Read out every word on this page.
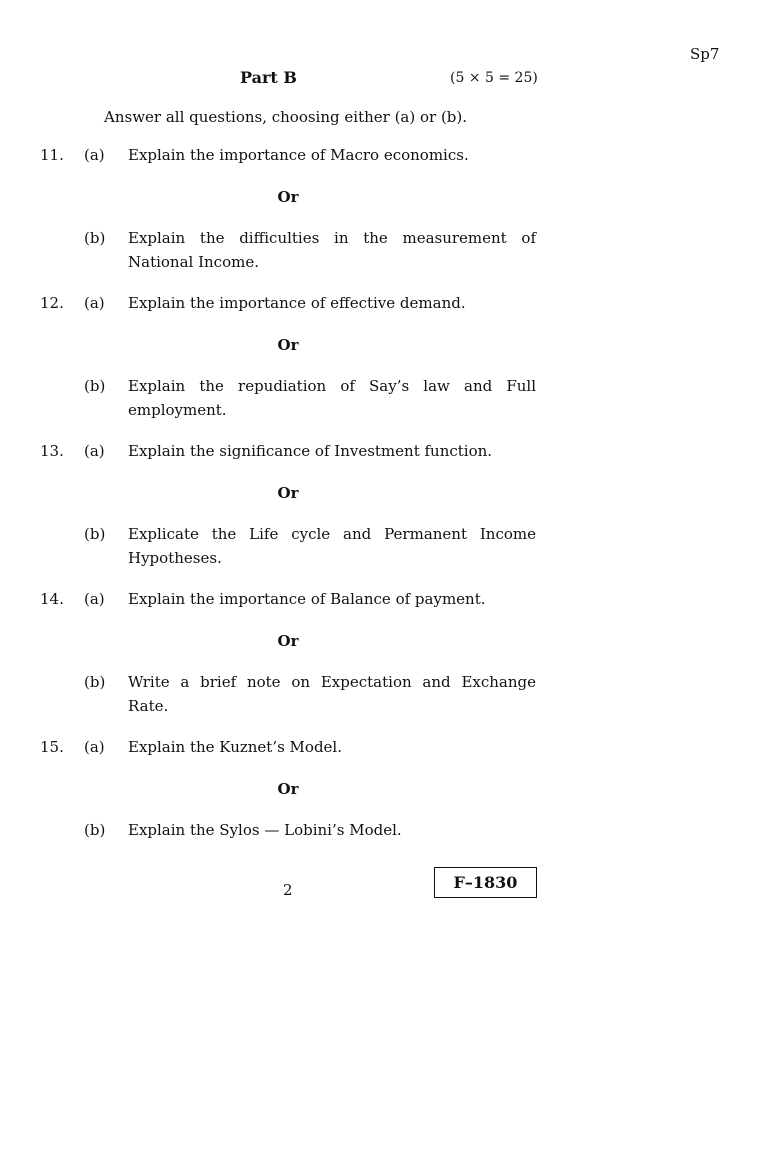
Sp7
Part B	(5 × 5 = 25)
Answer all questions, choosing either (a) or (b).
11. (a) Explain the importance of Macro economics.
Or
(b) Explain the difficulties in the measurement of National Income.
12. (a) Explain the importance of effective demand.
Or
(b) Explain the repudiation of Say’s law and Full employment.
13. (a) Explain the significance of Investment function.
Or
(b) Explicate the Life cycle and Permanent Income Hypotheses.
14. (a) Explain the importance of Balance of payment.
Or
(b) Write a brief note on Expectation and Exchange Rate.
15. (a) Explain the Kuznet’s Model.
Or
(b) Explain the Sylos — Lobini’s Model.
2	F–1830
